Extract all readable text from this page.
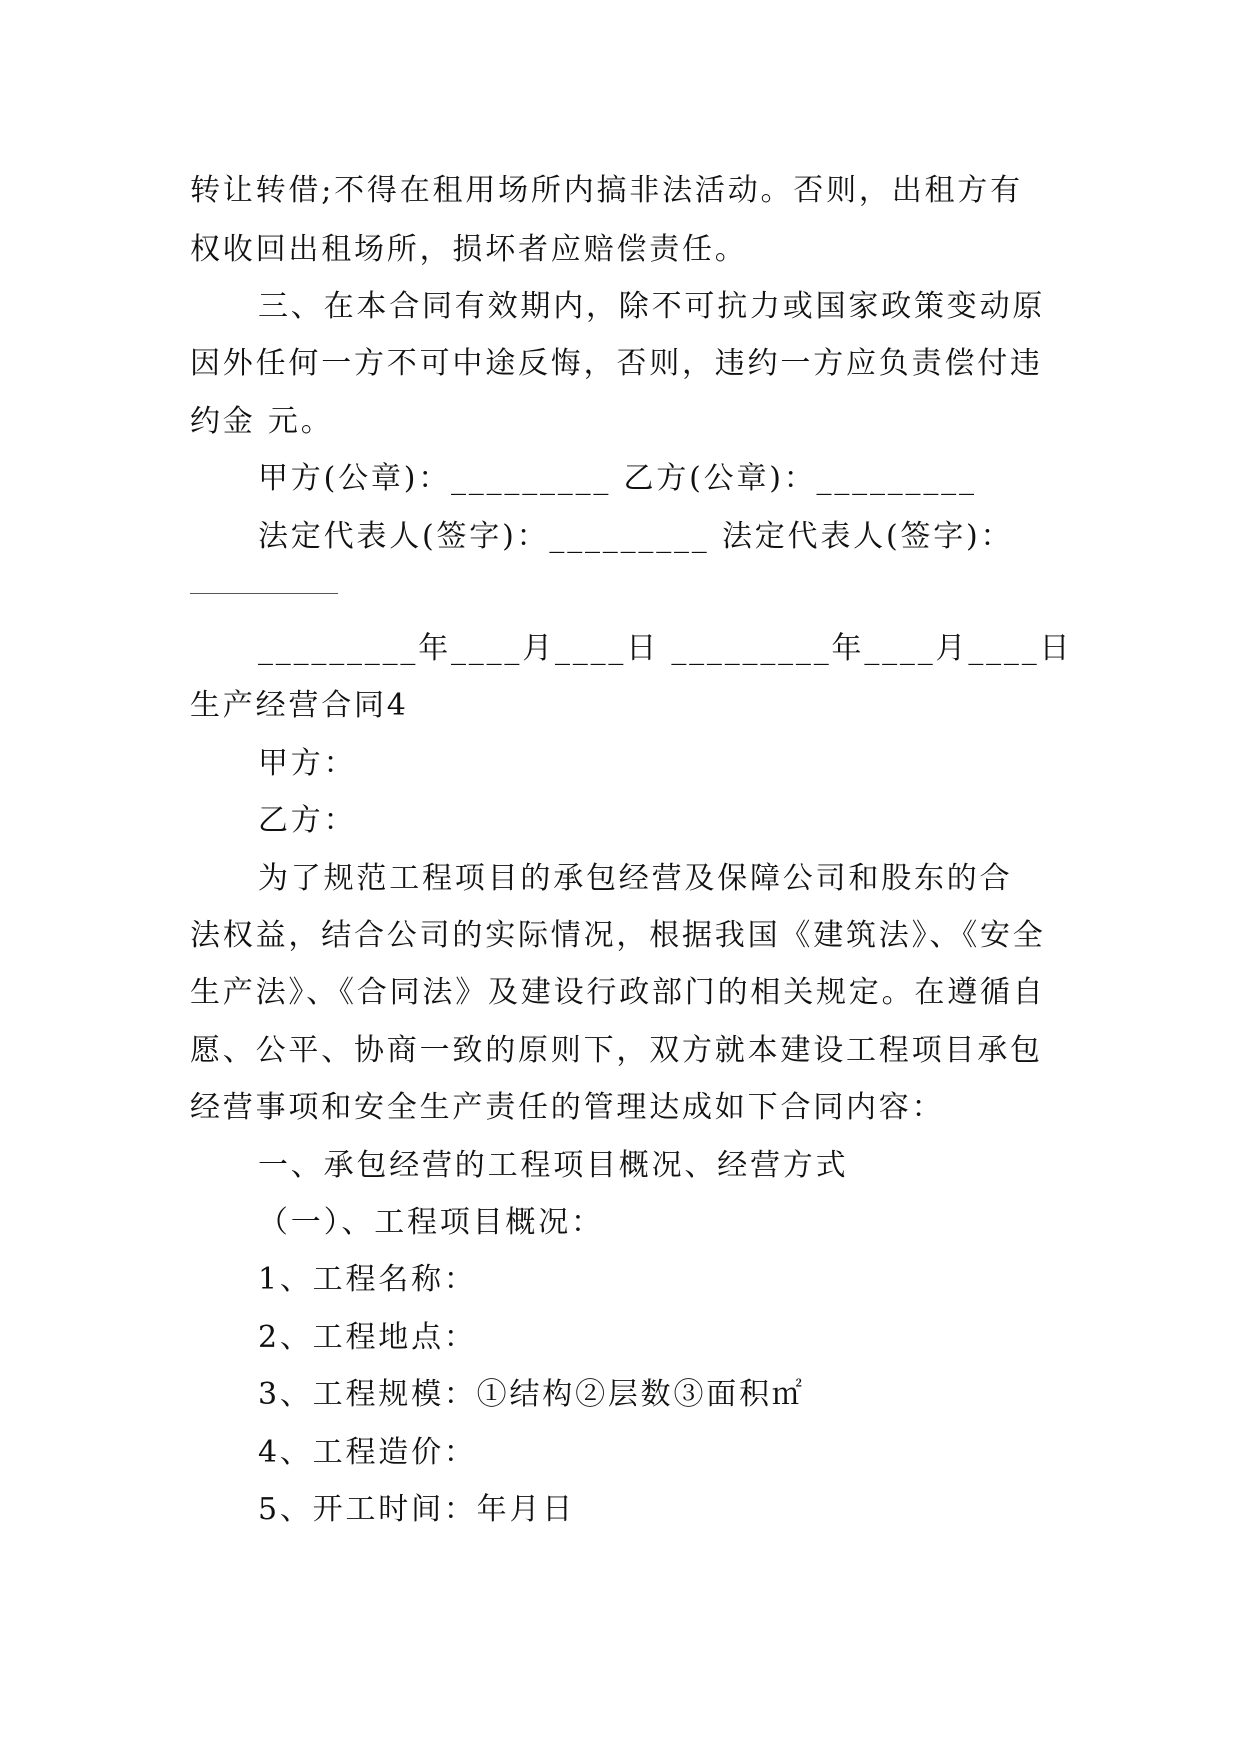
转让转借;不得在租用场所内搞非法活动。否则，出租方有
权收回出租场所，损坏者应赔偿责任。
三、在本合同有效期内，除不可抗力或国家政策变动原
因外任何一方不可中途反悔，否则，违约一方应负责偿付违
约金 元。
甲方(公章)：_________ 乙方(公章)：_________
法定代表人(签字)：_________ 法定代表人(签字)：
_________年____月____日 _________年____月____日
生产经营合同4
甲方：
乙方：
为了规范工程项目的承包经营及保障公司和股东的合
法权益，结合公司的实际情况，根据我国《建筑法》、《安全
生产法》、《合同法》及建设行政部门的相关规定。在遵循自
愿、公平、协商一致的原则下，双方就本建设工程项目承包
经营事项和安全生产责任的管理达成如下合同内容：
一、承包经营的工程项目概况、经营方式
（一）、工程项目概况：
1、工程名称：
2、工程地点：
3、工程规模：①结构②层数③面积㎡
4、工程造价：
5、开工时间：年月日
